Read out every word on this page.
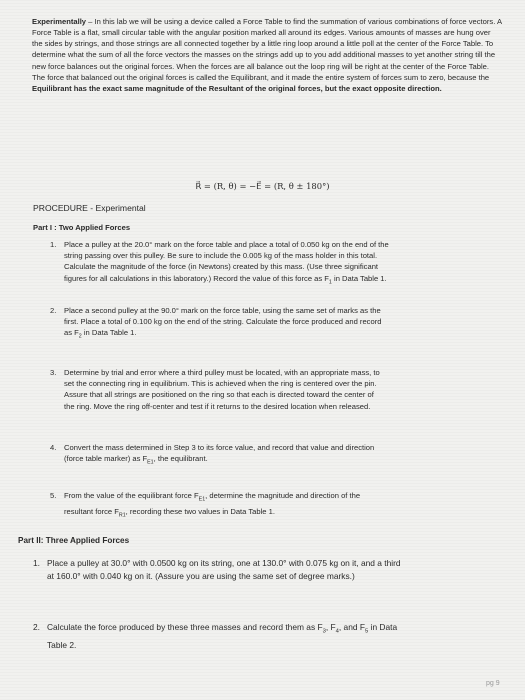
Experimentally – In this lab we will be using a device called a Force Table to find the summation of various combinations of force vectors. A Force Table is a flat, small circular table with the angular position marked all around its edges. Various amounts of masses are hung over the sides by strings, and those strings are all connected together by a little ring loop around a little poll at the center of the Force Table. To determine what the sum of all the force vectors the masses on the strings add up to you add additional masses to yet another string till the new force balances out the original forces. When the forces are all balance out the loop ring will be right at the center of the Force Table. The force that balanced out the original forces is called the Equilibrant, and it made the entire system of forces sum to zero, because the Equilibrant has the exact same magnitude of the Resultant of the original forces, but the exact opposite direction.

R⃗ = (R, θ) = −E⃗ = (R, θ ± 180°)

PROCEDURE - Experimental
Part I : Two Applied Forces
1. Place a pulley at the 20.0° mark on the force table and place a total of 0.050 kg on the end of the
string passing over this pulley. Be sure to include the 0.005 kg of the mass holder in this total.
Calculate the magnitude of the force (in Newtons) created by this mass. (Use three significant
figures for all calculations in this laboratory.) Record the value of this force as $F_1$ in Data Table 1.
2. Place a second pulley at the 90.0° mark on the force table, using the same set of marks as the
first. Place a total of 0.100 kg on the end of the string. Calculate the force produced and record
as $F_2$ in Data Table 1.
3. Determine by trial and error where a third pulley must be located, with an appropriate mass, to
set the connecting ring in equilibrium. This is achieved when the ring is centered over the pin.
Assure that all strings are positioned on the ring so that each is directed toward the center of
the ring. Move the ring off-center and test if it returns to the desired location when released.
4. Convert the mass determined in Step 3 to its force value, and record that value and direction
(force table marker) as $F_{E1}$, the equilibrant.
5. From the value of the equilibrant force $F_{E1}$, determine the magnitude and direction of the
resultant force $F_{R1}$, recording these two values in Data Table 1.
Part II: Three Applied Forces
1. Place a pulley at 30.0° with 0.0500 kg on its string, one at 130.0° with 0.075 kg on it, and a third
at 160.0° with 0.040 kg on it. (Assure you are using the same set of degree marks.)
2. Calculate the force produced by these three masses and record them as $F_3$, $F_4$, and $F_5$ in Data
Table 2.

pg 9
